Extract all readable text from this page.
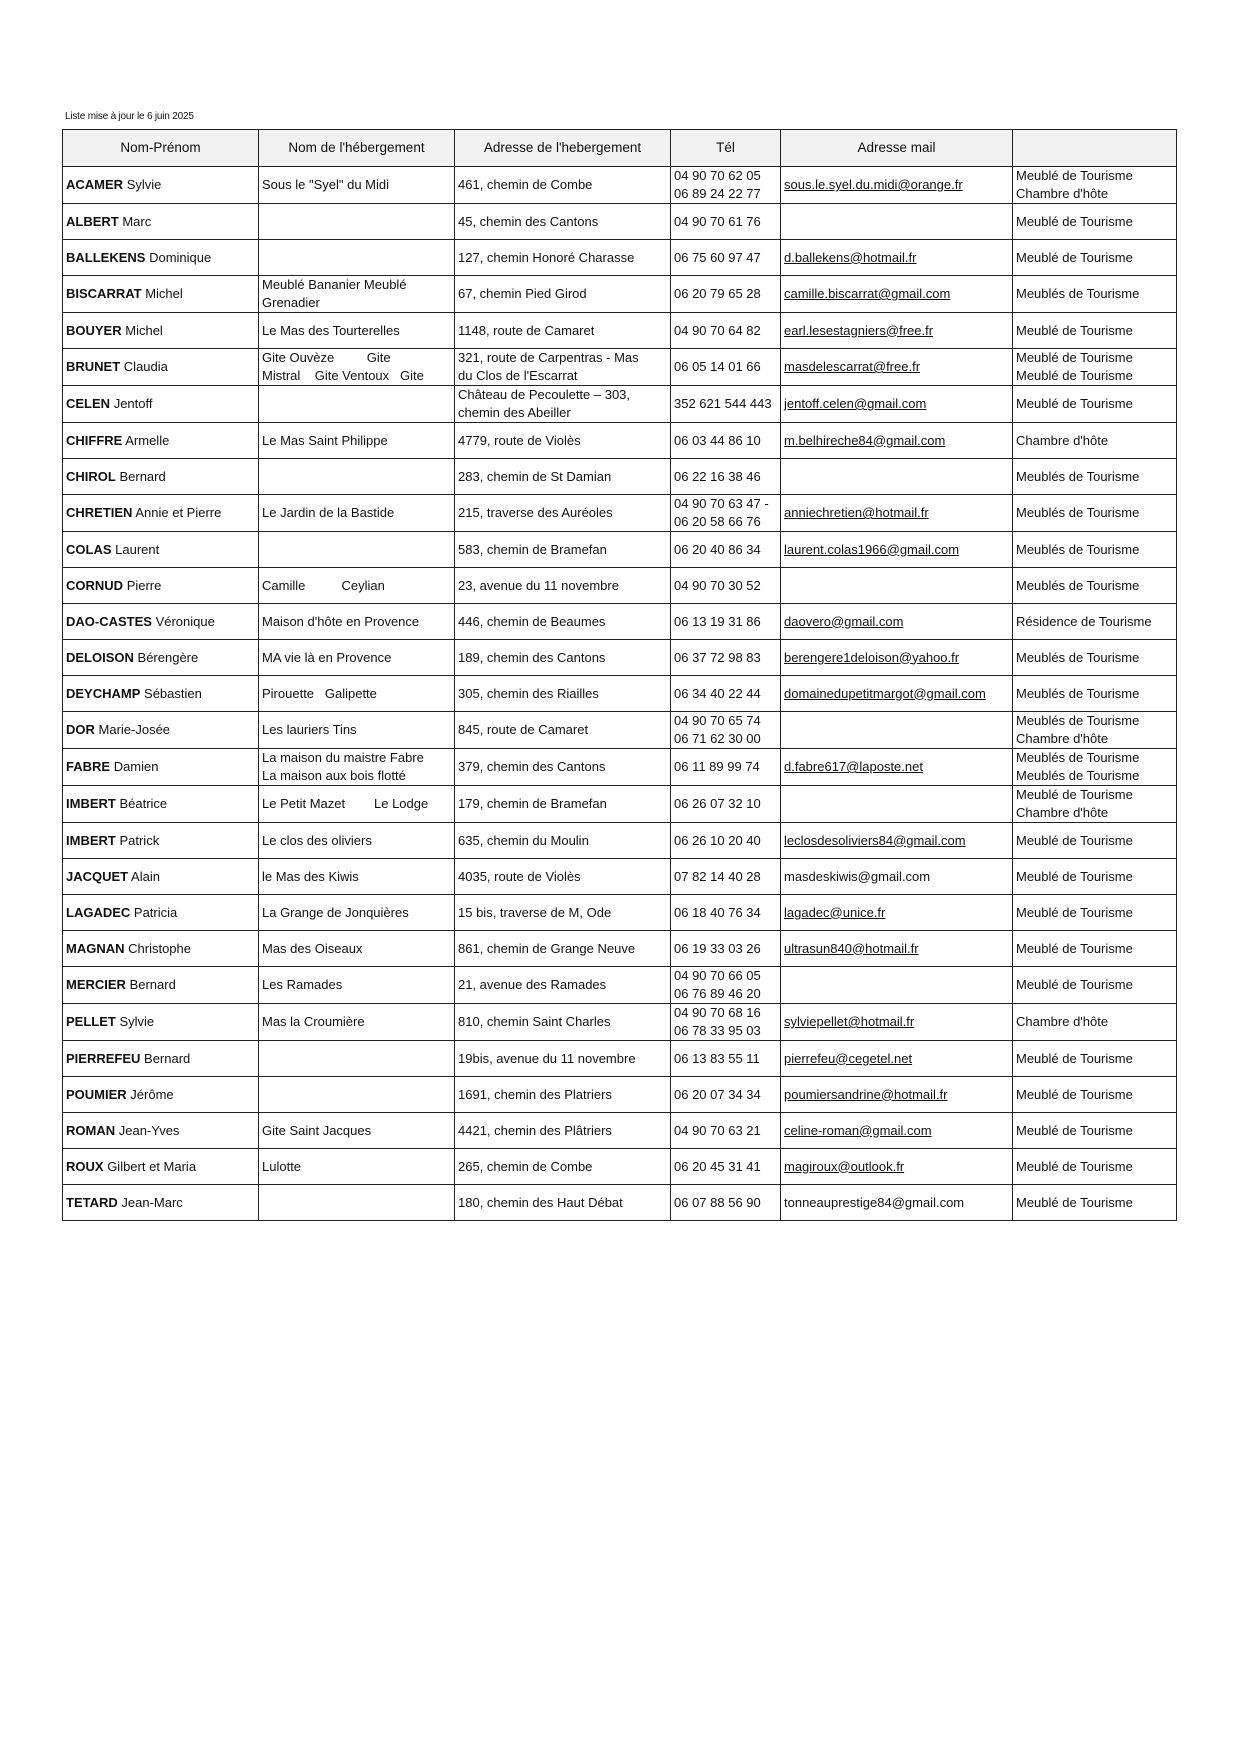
Liste mise à jour le 6 juin 2025
Nom-Prénom	Nom de l'hébergement	Adresse de l'hebergement	Tél	Adresse mail	
ACAMER Sylvie	Sous le "Syel" du Midi	461, chemin de Combe	04 90 70 62 05
06 89 24 22 77	sous.le.syel.du.midi@orange.fr	Meublé de Tourisme
Chambre d'hôte

ALBERT Marc		45, chemin des Cantons	04 90 70 61 76		Meublé de Tourisme

BALLEKENS Dominique		127, chemin Honoré Charasse	06 75 60 97 47	d.ballekens@hotmail.fr	Meublé de Tourisme

BISCARRAT Michel	Meublé Bananier Meublé
Grenadier	67, chemin Pied Girod	06 20 79 65 28	camille.biscarrat@gmail.com	Meublés de Tourisme

BOUYER Michel	Le Mas des Tourterelles	1148, route de Camaret	04 90 70 64 82	earl.lesestagniers@free.fr	Meublé de Tourisme

BRUNET Claudia	Gite Ouvèze         Gite
Mistral    Gite Ventoux   Gite	321, route de Carpentras - Mas
du Clos de l'Escarrat	06 05 14 01 66	masdelescarrat@free.fr	Meublé de Tourisme
Meublé de Tourisme

CELEN Jentoff		Château de Pecoulette – 303,
chemin des Abeiller	352 621 544 443	jentoff.celen@gmail.com	Meublé de Tourisme

CHIFFRE Armelle	Le Mas Saint Philippe	4779, route de Violès	06 03 44 86 10	m.belhireche84@gmail.com	Chambre d'hôte

CHIROL Bernard		283, chemin de St Damian	06 22 16 38 46		Meublés de Tourisme

CHRETIEN Annie et Pierre	Le Jardin de la Bastide	215, traverse des Auréoles	04 90 70 63 47 -
06 20 58 66 76	anniechretien@hotmail.fr	Meublés de Tourisme

COLAS Laurent		583, chemin de Bramefan	06 20 40 86 34	laurent.colas1966@gmail.com	Meublés de Tourisme

CORNUD Pierre	Camille          Ceylian	23, avenue du 11 novembre	04 90 70 30 52		Meublés de Tourisme

DAO-CASTES Véronique	Maison d'hôte en Provence	446, chemin de Beaumes	06 13 19 31 86	daovero@gmail.com	Résidence de Tourisme

DELOISON Bérengère	MA vie là en Provence	189, chemin des Cantons	06 37 72 98 83	berengere1deloison@yahoo.fr	Meublés de Tourisme

DEYCHAMP Sébastien	Pirouette   Galipette	305, chemin des Riailles	06 34 40 22 44	domainedupetitmargot@gmail.com	Meublés de Tourisme

DOR Marie-Josée	Les lauriers Tins	845, route de Camaret	04 90 70 65 74
06 71 62 30 00		Meublés de Tourisme
Chambre d'hôte

FABRE Damien	La maison du maistre Fabre
La maison aux bois flotté	379, chemin des Cantons	06 11 89 99 74	d.fabre617@laposte.net	Meublés de Tourisme
Meublés de Tourisme

IMBERT Béatrice	Le Petit Mazet        Le Lodge	179, chemin de Bramefan	06 26 07 32 10		Meublé de Tourisme
Chambre d'hôte

IMBERT Patrick	Le clos des oliviers	635, chemin du Moulin	06 26 10 20 40	leclosdesoliviers84@gmail.com	Meublé de Tourisme

JACQUET Alain	le Mas des Kiwis	4035, route de Violès	07 82 14 40 28	masdeskiwis@gmail.com	Meublé de Tourisme

LAGADEC Patricia	La Grange de Jonquières	15 bis, traverse de M, Ode	06 18 40 76 34	lagadec@unice.fr	Meublé de Tourisme

MAGNAN Christophe	Mas des Oiseaux	861, chemin de Grange Neuve	06 19 33 03 26	ultrasun840@hotmail.fr	Meublé de Tourisme

MERCIER Bernard	Les Ramades	21, avenue des Ramades	04 90 70 66 05
06 76 89 46 20		Meublé de Tourisme

PELLET Sylvie	Mas la Croumière	810, chemin Saint Charles	04 90 70 68 16
06 78 33 95 03	sylviepellet@hotmail.fr	Chambre d'hôte

PIERREFEU Bernard		19bis, avenue du 11 novembre	06 13 83 55 11	pierrefeu@cegetel.net	Meublé de Tourisme

POUMIER Jérôme		1691, chemin des Platriers	06 20 07 34 34	poumiersandrine@hotmail.fr	Meublé de Tourisme

ROMAN Jean-Yves	Gite Saint Jacques	4421, chemin des Plâtriers	04 90 70 63 21	celine-roman@gmail.com	Meublé de Tourisme

ROUX Gilbert et Maria	Lulotte	265, chemin de Combe	06 20 45 31 41	magiroux@outlook.fr	Meublé de Tourisme

TETARD Jean-Marc		180, chemin des Haut Débat	06 07 88 56 90	tonneauprestige84@gmail.com	Meublé de Tourisme
